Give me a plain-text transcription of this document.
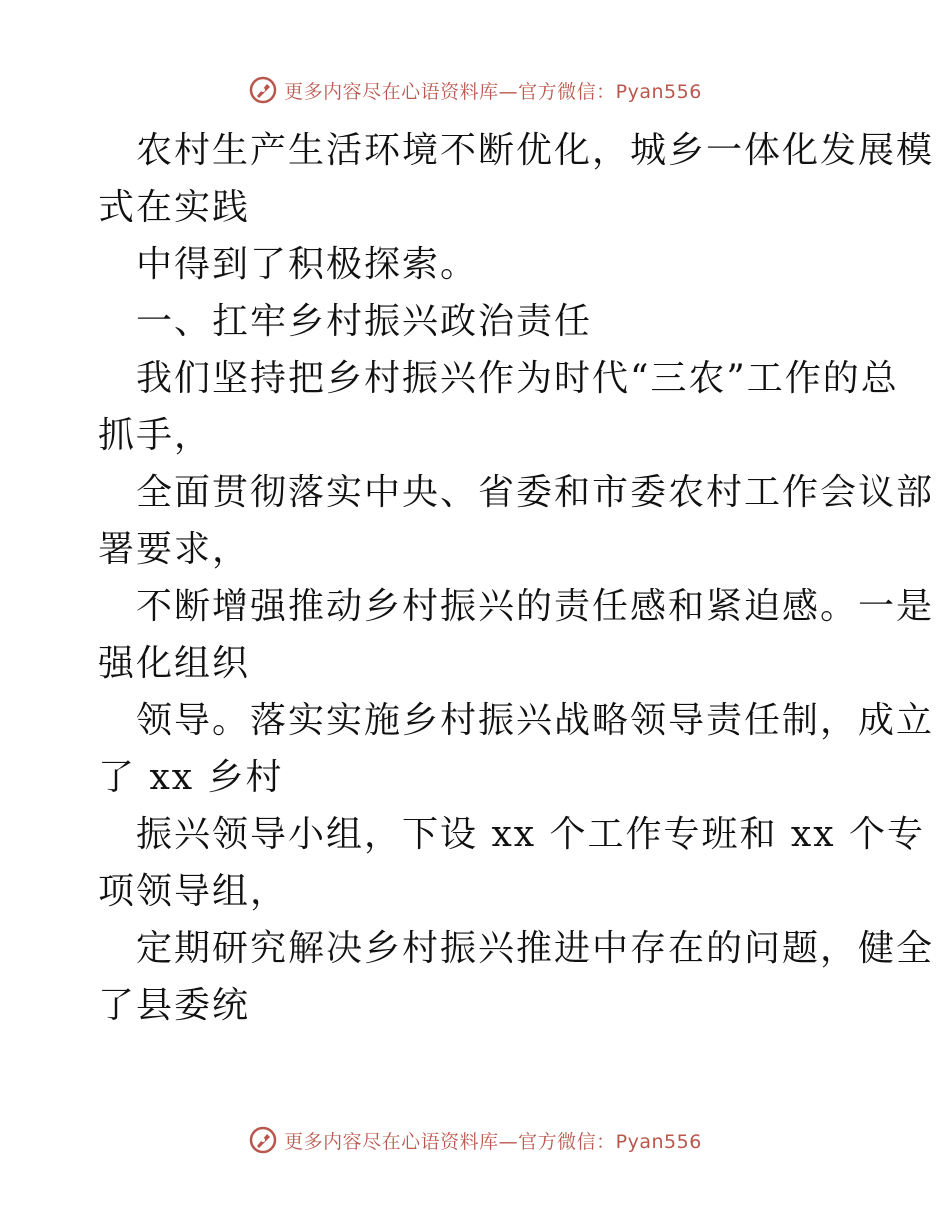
更多内容尽在心语资料库—官方微信：Pyan556
农村生产生活环境不断优化，城乡一体化发展模
式在实践
中得到了积极探索。
一、扛牢乡村振兴政治责任
我们坚持把乡村振兴作为时代“三农”工作的总
抓手，
全面贯彻落实中央、省委和市委农村工作会议部
署要求，
不断增强推动乡村振兴的责任感和紧迫感。一是
强化组织
领导。落实实施乡村振兴战略领导责任制，成立
了 xx 乡村
振兴领导小组，下设 xx 个工作专班和 xx 个专
项领导组，
定期研究解决乡村振兴推进中存在的问题，健全
了县委统
更多内容尽在心语资料库—官方微信：Pyan556
